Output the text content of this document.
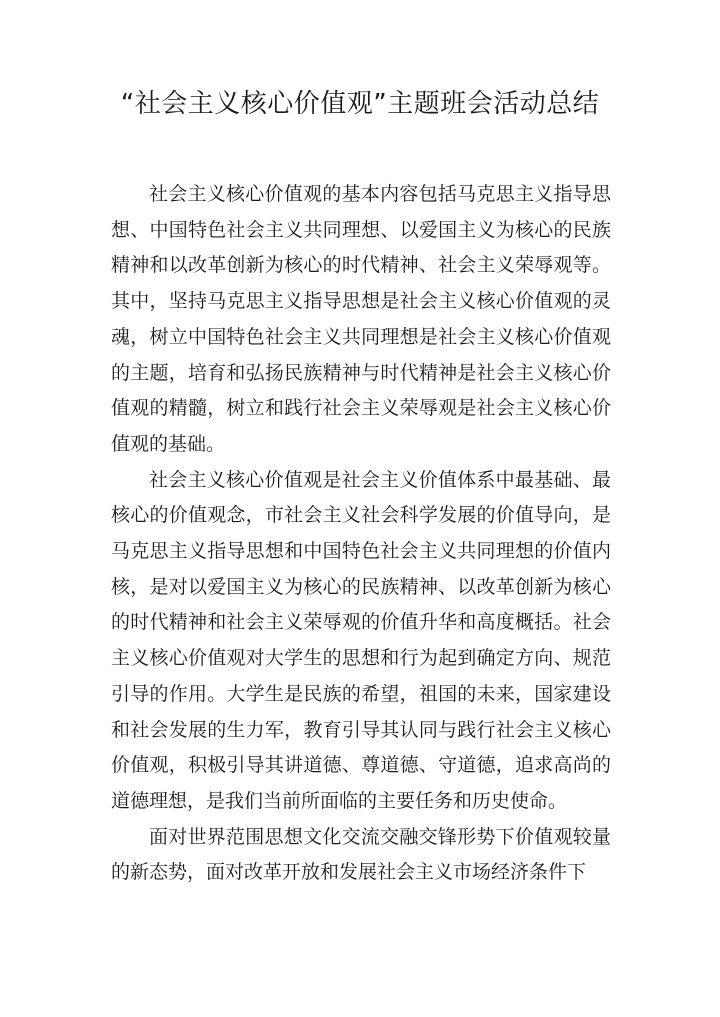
“社会主义核心价值观”主题班会活动总结

社会主义核心价值观的基本内容包括马克思主义指导思想、中国特色社会主义共同理想、以爱国主义为核心的民族精神和以改革创新为核心的时代精神、社会主义荣辱观等。其中，坚持马克思主义指导思想是社会主义核心价值观的灵魂，树立中国特色社会主义共同理想是社会主义核心价值观的主题，培育和弘扬民族精神与时代精神是社会主义核心价值观的精髓，树立和践行社会主义荣辱观是社会主义核心价值观的基础。

社会主义核心价值观是社会主义价值体系中最基础、最核心的价值观念，市社会主义社会科学发展的价值导向，是马克思主义指导思想和中国特色社会主义共同理想的价值内核，是对以爱国主义为核心的民族精神、以改革创新为核心的时代精神和社会主义荣辱观的价值升华和高度概括。社会主义核心价值观对大学生的思想和行为起到确定方向、规范引导的作用。大学生是民族的希望，祖国的未来，国家建设和社会发展的生力军，教育引导其认同与践行社会主义核心价值观，积极引导其讲道德、尊道德、守道德，追求高尚的道德理想，是我们当前所面临的主要任务和历史使命。

面对世界范围思想文化交流交融交锋形势下价值观较量的新态势，面对改革开放和发展社会主义市场经济条件下
